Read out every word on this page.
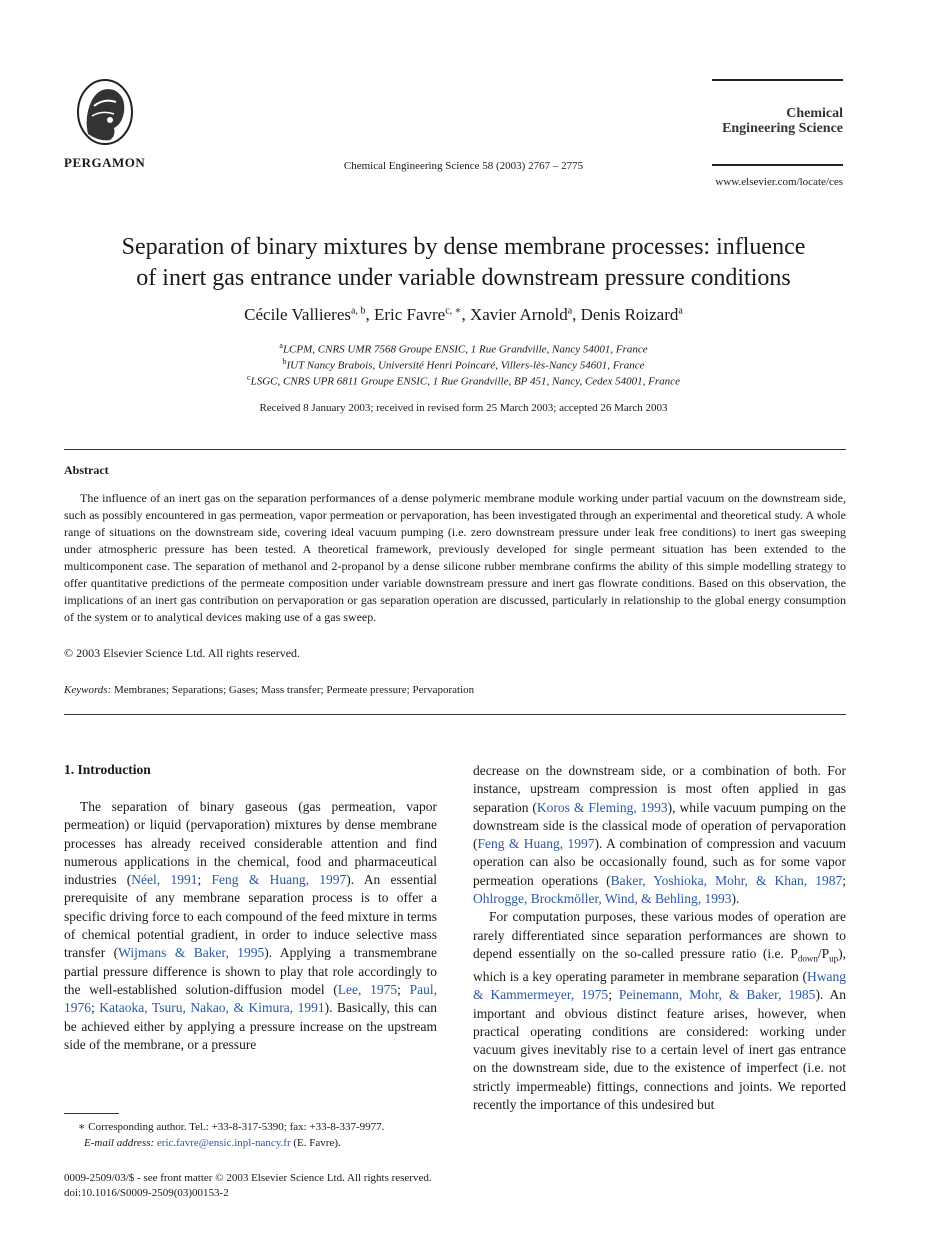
PERGAMON	Chemical Engineering Science 58 (2003) 2767 – 2775
Chemical
Engineering Science
www.elsevier.com/locate/ces
Separation of binary mixtures by dense membrane processes: influence
of inert gas entrance under variable downstream pressure conditions
Cécile Vallieres$^{a, b}$, Eric Favre$^{c, ∗}$, Xavier Arnold$^a$, Denis Roizard$^a$
$^a$LCPM, CNRS UMR 7568 Groupe ENSIC, 1 Rue Grandville, Nancy 54001, France
$^b$IUT Nancy Brabois, Université Henri Poincaré, Villers-lès-Nancy 54601, France
$^c$LSGC, CNRS UPR 6811 Groupe ENSIC, 1 Rue Grandville, BP 451, Nancy, Cedex 54001, France
Received 8 January 2003; received in revised form 25 March 2003; accepted 26 March 2003
Abstract
The influence of an inert gas on the separation performances of a dense polymeric membrane module working under partial vacuum on the downstream side, such as possibly encountered in gas permeation, vapor permeation or pervaporation, has been investigated through an experimental and theoretical study. A whole range of situations on the downstream side, covering ideal vacuum pumping (i.e. zero downstream pressure under leak free conditions) to inert gas sweeping under atmospheric pressure has been tested. A theoretical framework, previously developed for single permeant situation has been extended to the multicomponent case. The separation of methanol and 2-propanol by a dense silicone rubber membrane confirms the ability of this simple modelling strategy to offer quantitative predictions of the permeate composition under variable downstream pressure and inert gas flowrate conditions. Based on this observation, the implications of an inert gas contribution on pervaporation or gas separation operation are discussed, particularly in relationship to the global energy consumption of the system or to analytical devices making use of a gas sweep.
© 2003 Elsevier Science Ltd. All rights reserved.
Keywords: Membranes; Separations; Gases; Mass transfer; Permeate pressure; Pervaporation
1. Introduction

The separation of binary gaseous (gas permeation, vapor permeation) or liquid (pervaporation) mixtures by dense membrane processes has already received considerable attention and find numerous applications in the chemical, food and pharmaceutical industries (Néel, 1991; Feng & Huang, 1997). An essential prerequisite of any membrane separation process is to offer a specific driving force to each compound of the feed mixture in terms of chemical potential gradient, in order to induce selective mass transfer (Wijmans & Baker, 1995). Applying a transmembrane partial pressure difference is shown to play that role accordingly to the well-established solution-diffusion model (Lee, 1975; Paul, 1976; Kataoka, Tsuru, Nakao, & Kimura, 1991). Basically, this can be achieved either by applying a pressure increase on the upstream side of the membrane, or a pressure

∗ Corresponding author. Tel.: +33-8-317-5390; fax: +33-8-337-9977.
E-mail address: eric.favre@ensic.inpl-nancy.fr (E. Favre).

decrease on the downstream side, or a combination of both. For instance, upstream compression is most often applied in gas separation (Koros & Fleming, 1993), while vacuum pumping on the downstream side is the classical mode of operation of pervaporation (Feng & Huang, 1997). A combination of compression and vacuum operation can also be occasionally found, such as for some vapor permeation operations (Baker, Yoshioka, Mohr, & Khan, 1987; Ohlrogge, Brockmöller, Wind, & Behling, 1993).

For computation purposes, these various modes of operation are rarely differentiated since separation performances are shown to depend essentially on the so-called pressure ratio (i.e. $P_{down}/P_{up}$), which is a key operating parameter in membrane separation (Hwang & Kammermeyer, 1975; Peinemann, Mohr, & Baker, 1985). An important and obvious distinct feature arises, however, when practical operating conditions are considered: working under vacuum gives inevitably rise to a certain level of inert gas entrance on the downstream side, due to the existence of imperfect (i.e. not strictly impermeable) fittings, connections and joints. We reported recently the importance of this undesired but

0009-2509/03/$ - see front matter © 2003 Elsevier Science Ltd. All rights reserved.
doi:10.1016/S0009-2509(03)00153-2
